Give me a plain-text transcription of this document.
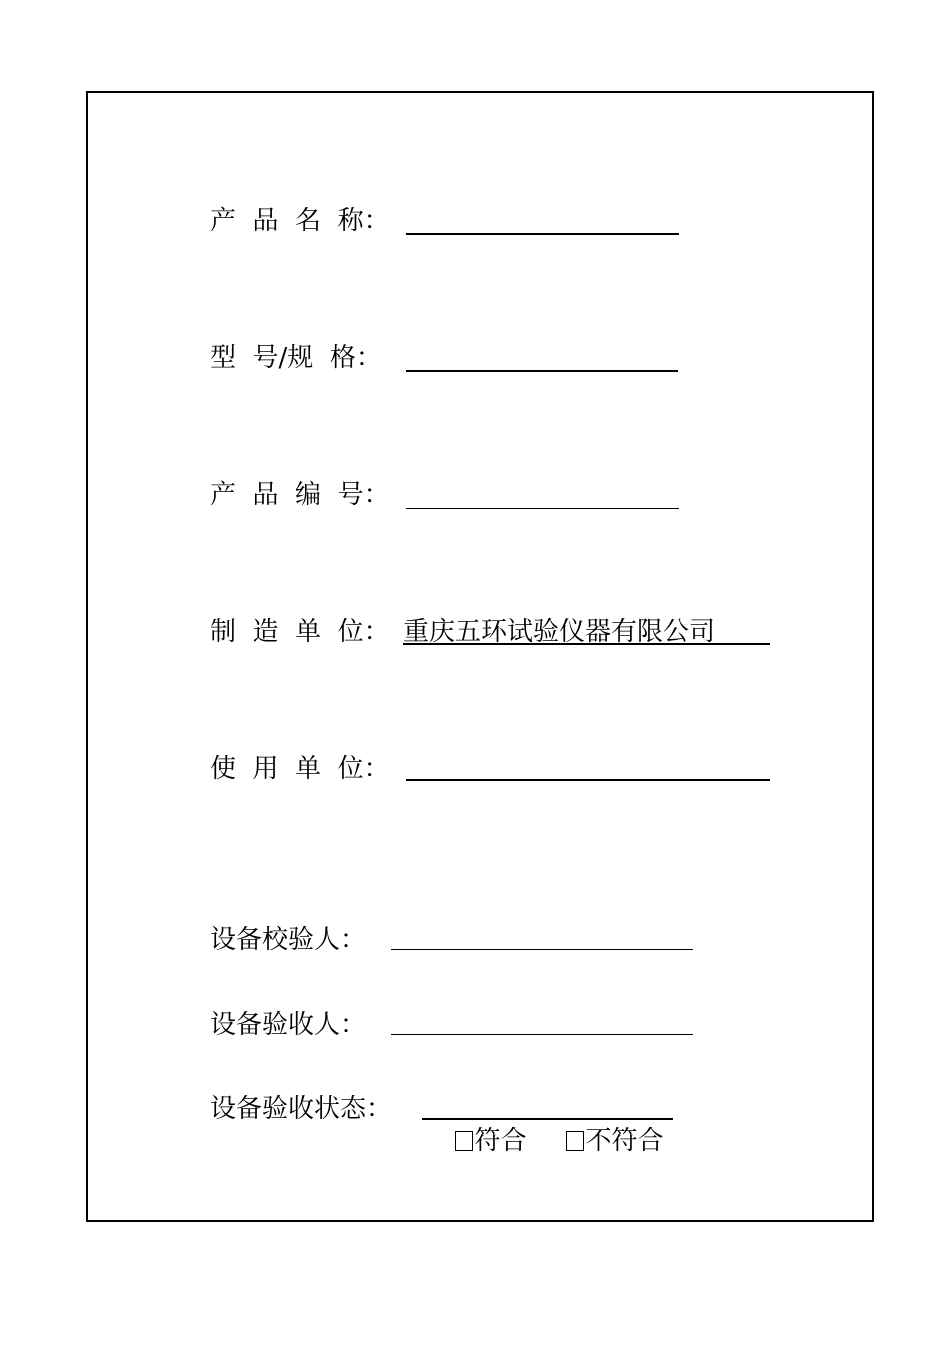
产  品  名  称：
型  号/规  格：
产  品  编  号：
制  造  单  位： 重庆五环试验仪器有限公司
使  用  单  位：
设备校验人：
设备验收人：
设备验收状态：

符合	不符合
